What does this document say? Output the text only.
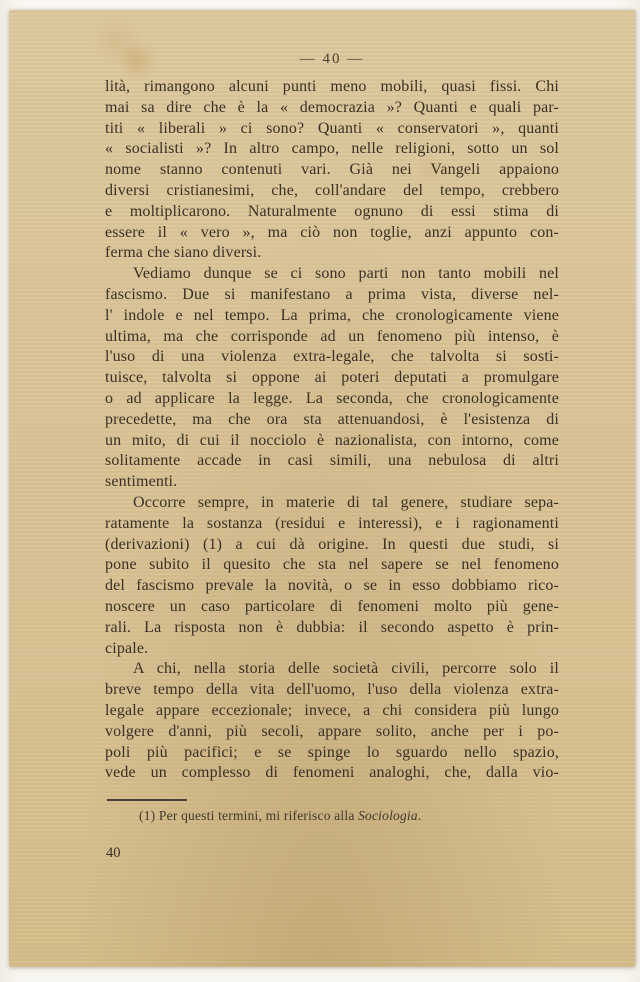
— 40 —
lità, rimangono alcuni punti meno mobili, quasi fissi. Chi
mai sa dire che è la « democrazia »? Quanti e quali par-
titi « liberali » ci sono? Quanti « conservatori », quanti
« socialisti »? In altro campo, nelle religioni, sotto un sol
nome stanno contenuti vari. Già nei Vangeli appaiono
diversi cristianesimi, che, coll'andare del tempo, crebbero
e moltiplicarono. Naturalmente ognuno di essi stima di
essere il « vero », ma ciò non toglie, anzi appunto con-
ferma che siano diversi.
Vediamo dunque se ci sono parti non tanto mobili nel
fascismo. Due si manifestano a prima vista, diverse nel-
l' indole e nel tempo. La prima, che cronologicamente viene
ultima, ma che corrisponde ad un fenomeno più intenso, è
l'uso di una violenza extra-legale, che talvolta si sosti-
tuisce, talvolta si oppone ai poteri deputati a promulgare
o ad applicare la legge. La seconda, che cronologicamente
precedette, ma che ora sta attenuandosi, è l'esistenza di
un mito, di cui il nocciolo è nazionalista, con intorno, come
solitamente accade in casi simili, una nebulosa di altri
sentimenti.
Occorre sempre, in materie di tal genere, studiare sepa-
ratamente la sostanza (residui e interessi), e i ragionamenti
(derivazioni) (1) a cui dà origine. In questi due studi, si
pone subito il quesito che sta nel sapere se nel fenomeno
del fascismo prevale la novità, o se in esso dobbiamo rico-
noscere un caso particolare di fenomeni molto più gene-
rali. La risposta non è dubbia: il secondo aspetto è prin-
cipale.
A chi, nella storia delle società civili, percorre solo il
breve tempo della vita dell'uomo, l'uso della violenza extra-
legale appare eccezionale; invece, a chi considera più lungo
volgere d'anni, più secoli, appare solito, anche per i po-
poli più pacifici; e se spinge lo sguardo nello spazio,
vede un complesso di fenomeni analoghi, che, dalla vio-
(1) Per questi termini, mi riferisco alla Sociologia.
40
